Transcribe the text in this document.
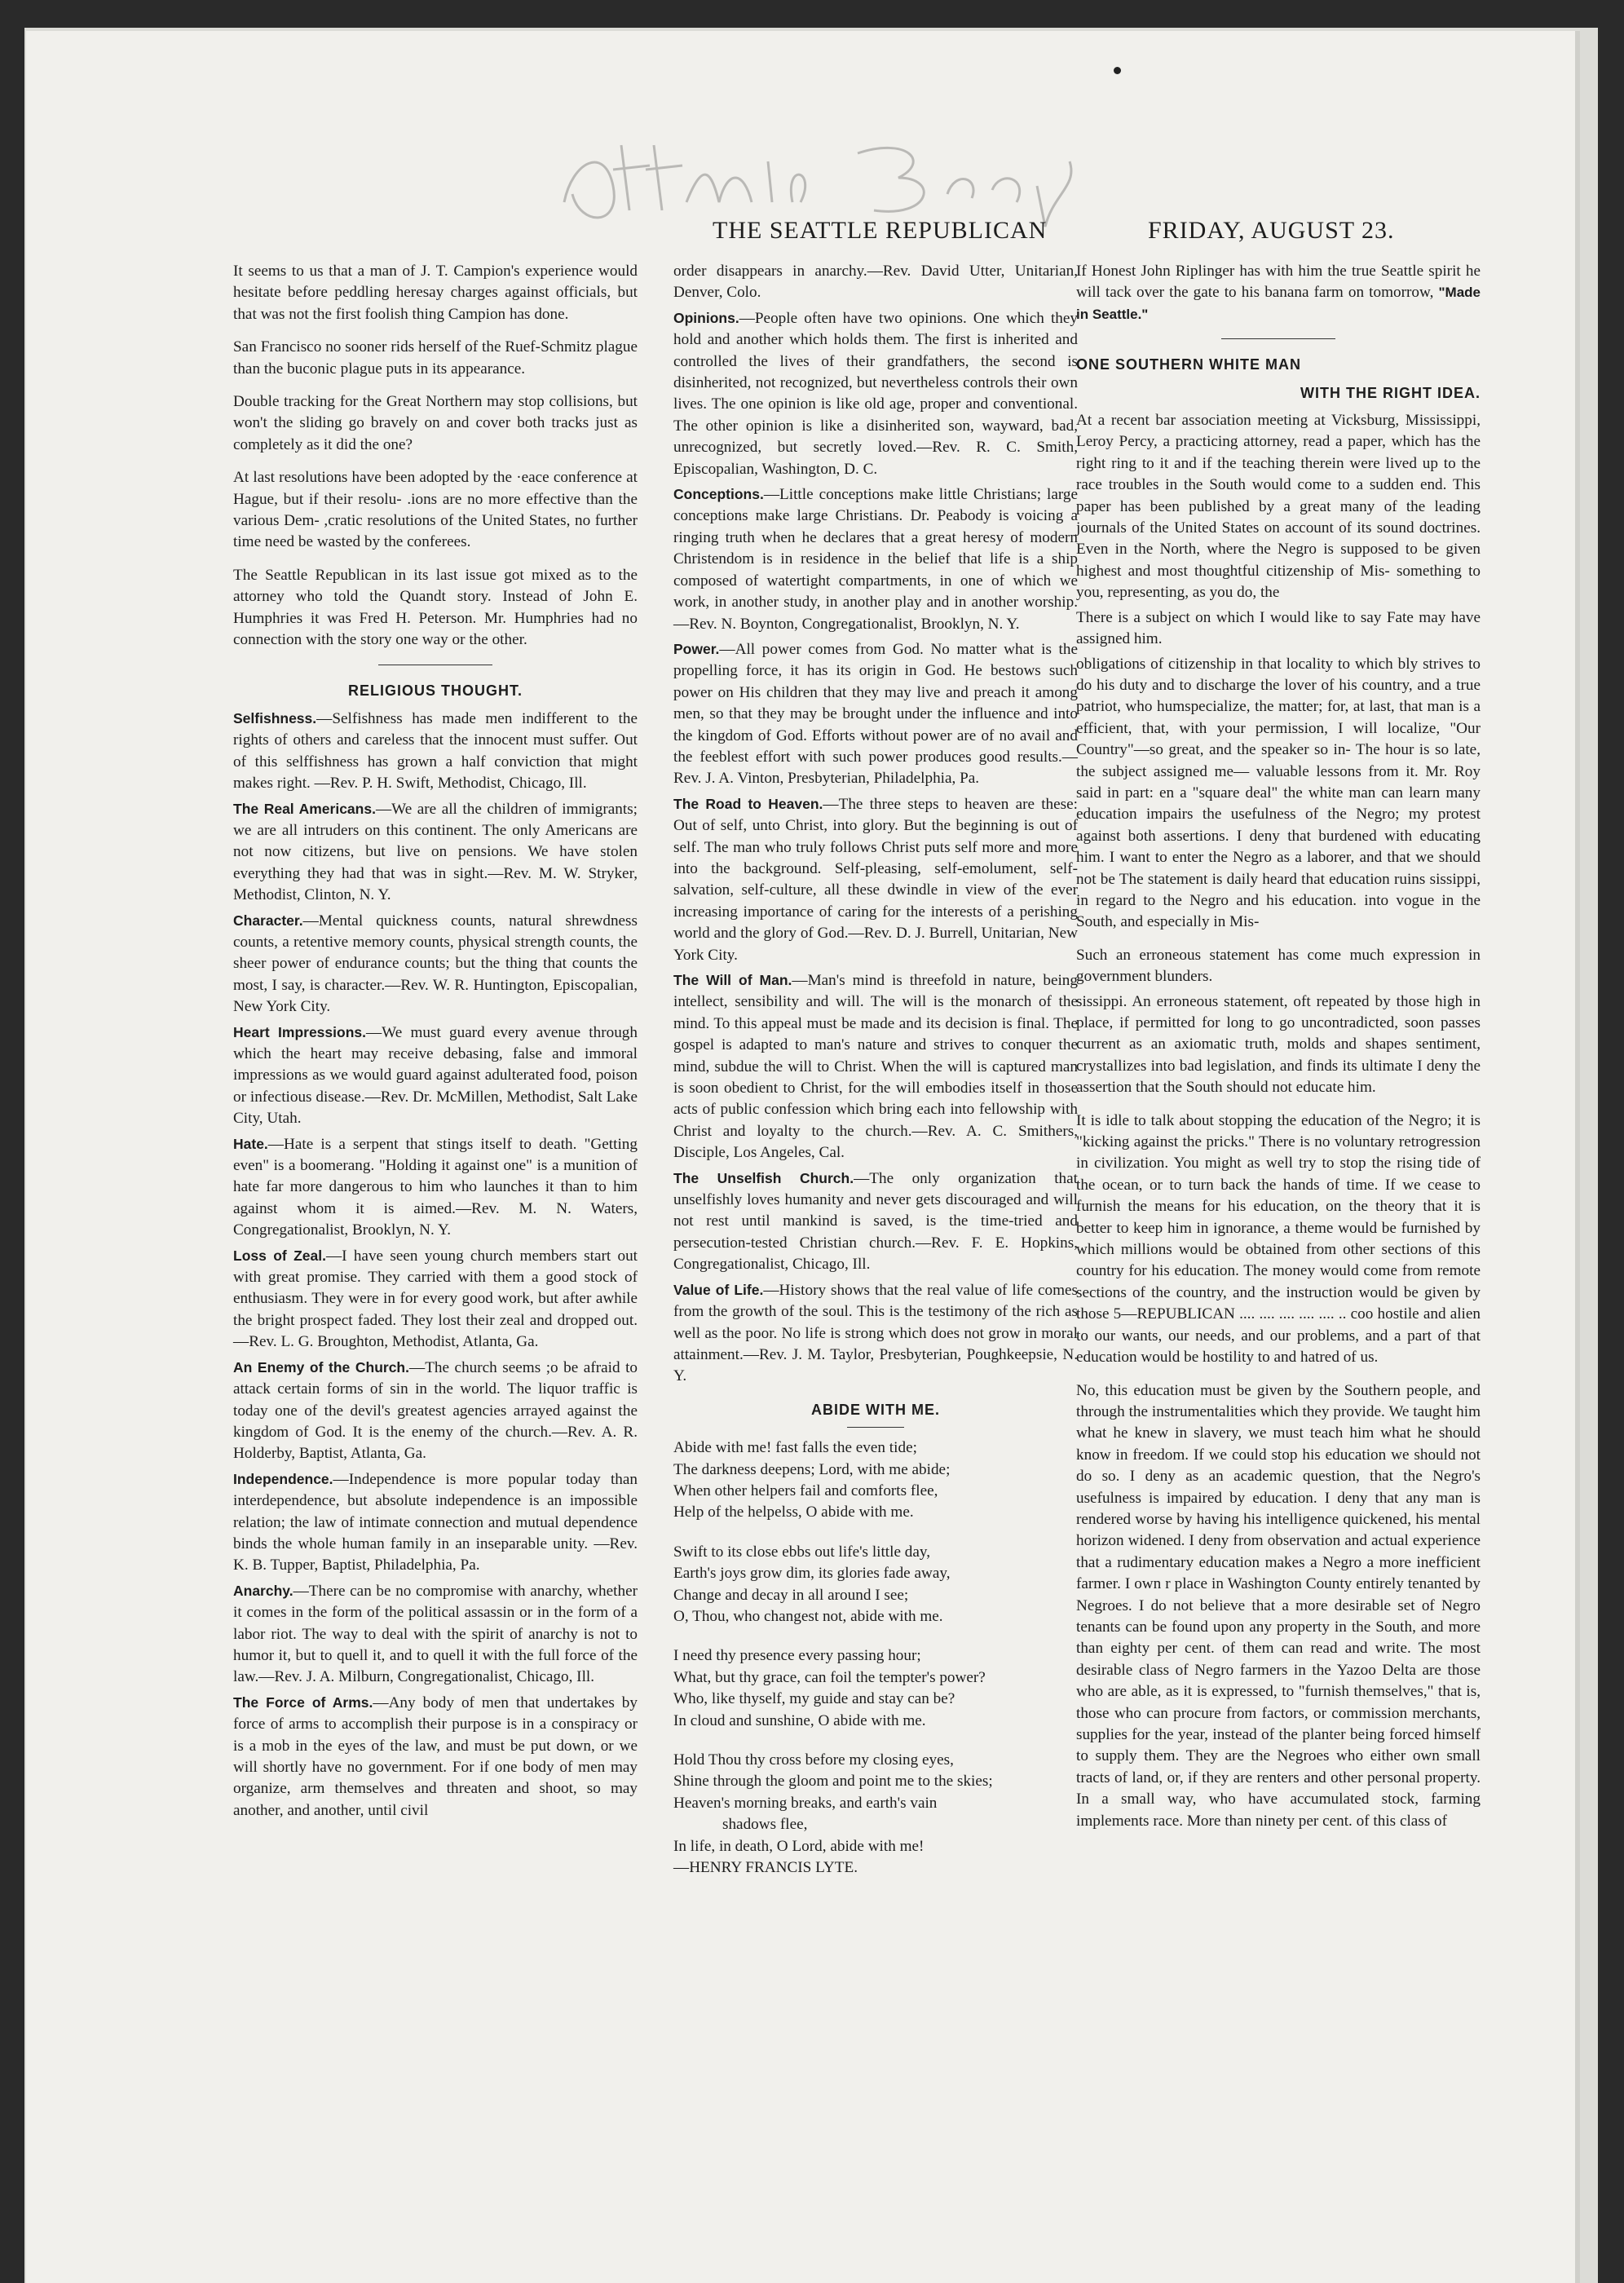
THE SEATTLE REPUBLICAN	FRIDAY, AUGUST 23.

It seems to us that a man of J. T. Campion's experience would hesitate before peddling heresay charges against officials, but that was not the first foolish thing Campion has done.

San Francisco no sooner rids herself of the Ruef-Schmitz plague than the buconic plague puts in its appearance.

Double tracking for the Great Northern may stop collisions, but won't the sliding go bravely on and cover both tracks just as completely as it did the one?

At last resolutions have been adopted by the ·eace conference at Hague, but if their resolu- .ions are no more effective than the various Dem- ,cratic resolutions of the United States, no further time need be wasted by the conferees.

The Seattle Republican in its last issue got mixed as to the attorney who told the Quandt story. Instead of John E. Humphries it was Fred H. Peterson. Mr. Humphries had no connection with the story one way or the other.

RELIGIOUS THOUGHT.

Selfishness.—Selfishness has made men indifferent to the rights of others and careless that the innocent must suffer. Out of this selffishness has grown a half conviction that might makes right. —Rev. P. H. Swift, Methodist, Chicago, Ill.

The Real Americans.—We are all the children of immigrants; we are all intruders on this continent. The only Americans are not now citizens, but live on pensions. We have stolen everything they had that was in sight.—Rev. M. W. Stryker, Methodist, Clinton, N. Y.

Character.—Mental quickness counts, natural shrewdness counts, a retentive memory counts, physical strength counts, the sheer power of endurance counts; but the thing that counts the most, I say, is character.—Rev. W. R. Huntington, Episcopalian, New York City.

Heart Impressions.—We must guard every avenue through which the heart may receive debasing, false and immoral impressions as we would guard against adulterated food, poison or infectious disease.—Rev. Dr. McMillen, Methodist, Salt Lake City, Utah.

Hate.—Hate is a serpent that stings itself to death. "Getting even" is a boomerang. "Holding it against one" is a munition of hate far more dangerous to him who launches it than to him against whom it is aimed.—Rev. M. N. Waters, Congregationalist, Brooklyn, N. Y.

Loss of Zeal.—I have seen young church members start out with great promise. They carried with them a good stock of enthusiasm. They were in for every good work, but after awhile the bright prospect faded. They lost their zeal and dropped out.—Rev. L. G. Broughton, Methodist, Atlanta, Ga.

An Enemy of the Church.—The church seems ;o be afraid to attack certain forms of sin in the world. The liquor traffic is today one of the devil's greatest agencies arrayed against the kingdom of God. It is the enemy of the church.—Rev. A. R. Holderby, Baptist, Atlanta, Ga.

Independence.—Independence is more popular today than interdependence, but absolute independence is an impossible relation; the law of intimate connection and mutual dependence binds the whole human family in an inseparable unity. —Rev. K. B. Tupper, Baptist, Philadelphia, Pa.

Anarchy.—There can be no compromise with anarchy, whether it comes in the form of the political assassin or in the form of a labor riot. The way to deal with the spirit of anarchy is not to humor it, but to quell it, and to quell it with the full force of the law.—Rev. J. A. Milburn, Congregationalist, Chicago, Ill.

The Force of Arms.—Any body of men that undertakes by force of arms to accomplish their purpose is in a conspiracy or is a mob in the eyes of the law, and must be put down, or we will shortly have no government. For if one body of men may organize, arm themselves and threaten and shoot, so may another, and another, until civil

order disappears in anarchy.—Rev. David Utter, Unitarian, Denver, Colo.

Opinions.—People often have two opinions. One which they hold and another which holds them. The first is inherited and controlled the lives of their grandfathers, the second is disinherited, not recognized, but nevertheless controls their own lives. The one opinion is like old age, proper and conventional. The other opinion is like a disinherited son, wayward, bad, unrecognized, but secretly loved.—Rev. R. C. Smith, Episcopalian, Washington, D. C.

Conceptions.—Little conceptions make little Christians; large conceptions make large Christians. Dr. Peabody is voicing a ringing truth when he declares that a great heresy of modern Christendom is in residence in the belief that life is a ship composed of watertight compartments, in one of which we work, in another study, in another play and in another worship.—Rev. N. Boynton, Congregationalist, Brooklyn, N. Y.

Power.—All power comes from God. No matter what is the propelling force, it has its origin in God. He bestows such power on His children that they may live and preach it among men, so that they may be brought under the influence and into the kingdom of God. Efforts without power are of no avail and the feeblest effort with such power produces good results.—Rev. J. A. Vinton, Presbyterian, Philadelphia, Pa.

The Road to Heaven.—The three steps to heaven are these: Out of self, unto Christ, into glory. But the beginning is out of self. The man who truly follows Christ puts self more and more into the background. Self-pleasing, self-emolument, self-salvation, self-culture, all these dwindle in view of the ever increasing importance of caring for the interests of a perishing world and the glory of God.—Rev. D. J. Burrell, Unitarian, New York City.

The Will of Man.—Man's mind is threefold in nature, being intellect, sensibility and will. The will is the monarch of the mind. To this appeal must be made and its decision is final. The gospel is adapted to man's nature and strives to conquer the mind, subdue the will to Christ. When the will is captured man is soon obedient to Christ, for the will embodies itself in those acts of public confession which bring each into fellowship with Christ and loyalty to the church.—Rev. A. C. Smithers, Disciple, Los Angeles, Cal.

The Unselfish Church.—The only organization that unselfishly loves humanity and never gets discouraged and will not rest until mankind is saved, is the time-tried and persecution-tested Christian church.—Rev. F. E. Hopkins, Congregationalist, Chicago, Ill.

Value of Life.—History shows that the real value of life comes from the growth of the soul. This is the testimony of the rich as well as the poor. No life is strong which does not grow in moral attainment.—Rev. J. M. Taylor, Presbyterian, Poughkeepsie, N. Y.

ABIDE WITH ME.

Abide with me! fast falls the even tide;
The darkness deepens; Lord, with me abide;
When other helpers fail and comforts flee,
Help of the helpelss, O abide with me.

Swift to its close ebbs out life's little day,
Earth's joys grow dim, its glories fade away,
Change and decay in all around I see;
O, Thou, who changest not, abide with me.

I need thy presence every passing hour;
What, but thy grace, can foil the tempter's power?
Who, like thyself, my guide and stay can be?
In cloud and sunshine, O abide with me.

Hold Thou thy cross before my closing eyes,
Shine through the gloom and point me to the skies;
Heaven's morning breaks, and earth's vain
shadows flee,
In life, in death, O Lord, abide with me!

—HENRY FRANCIS LYTE.

If Honest John Riplinger has with him the true Seattle spirit he will tack over the gate to his banana farm on tomorrow, "Made in Seattle."

ONE SOUTHERN WHITE MAN
WITH THE RIGHT IDEA.

At a recent bar association meeting at Vicksburg, Mississippi, Leroy Percy, a practicing attorney, read a paper, which has the right ring to it and if the teaching therein were lived up to the race troubles in the South would come to a sudden end. This paper has been published by a great many of the leading journals of the United States on account of its sound doctrines. Even in the North, where the Negro is supposed to be given highest and most thoughtful citizenship of Mis- something to you, representing, as you do, the

There is a subject on which I would like to say Fate may have assigned him.

obligations of citizenship in that locality to which bly strives to do his duty and to discharge the lover of his country, and a true patriot, who humspecialize, the matter; for, at last, that man is a efficient, that, with your permission, I will localize, "Our Country"—so great, and the speaker so in- The hour is so late, the subject assigned me— valuable lessons from it. Mr. Roy said in part: en a "square deal" the white man can learn many education impairs the usefulness of the Negro; my protest against both assertions. I deny that burdened with educating him. I want to enter the Negro as a laborer, and that we should not be The statement is daily heard that education ruins sissippi, in regard to the Negro and his education. into vogue in the South, and especially in Mis-

Such an erroneous statement has come much expression in government blunders.

sissippi. An erroneous statement, oft repeated by those high in place, if permitted for long to go uncontradicted, soon passes current as an axiomatic truth, molds and shapes sentiment, crystallizes into bad legislation, and finds its ultimate I deny the assertion that the South should not educate him.

It is idle to talk about stopping the education of the Negro; it is "kicking against the pricks." There is no voluntary retrogression in civilization. You might as well try to stop the rising tide of the ocean, or to turn back the hands of time. If we cease to furnish the means for his education, on the theory that it is better to keep him in ignorance, a theme would be furnished by which millions would be obtained from other sections of this country for his education. The money would come from remote sections of the country, and the instruction would be given by those 5—REPUBLICAN .... .... .... .... .... .. coo hostile and alien to our wants, our needs, and our problems, and a part of that education would be hostility to and hatred of us.

No, this education must be given by the Southern people, and through the instrumentalities which they provide. We taught him what he knew in slavery, we must teach him what he should know in freedom. If we could stop his education we should not do so. I deny as an academic question, that the Negro's usefulness is impaired by education. I deny that any man is rendered worse by having his intelligence quickened, his mental horizon widened. I deny from observation and actual experience that a rudimentary education makes a Negro a more inefficient farmer. I own r place in Washington County entirely tenanted by Negroes. I do not believe that a more desirable set of Negro tenants can be found upon any property in the South, and more than eighty per cent. of them can read and write. The most desirable class of Negro farmers in the Yazoo Delta are those who are able, as it is expressed, to "furnish themselves," that is, those who can procure from factors, or commission merchants, supplies for the year, instead of the planter being forced himself to supply them. They are the Negroes who either own small tracts of land, or, if they are renters and other personal property. In a small way, who have accumulated stock, farming implements race. More than ninety per cent. of this class of
